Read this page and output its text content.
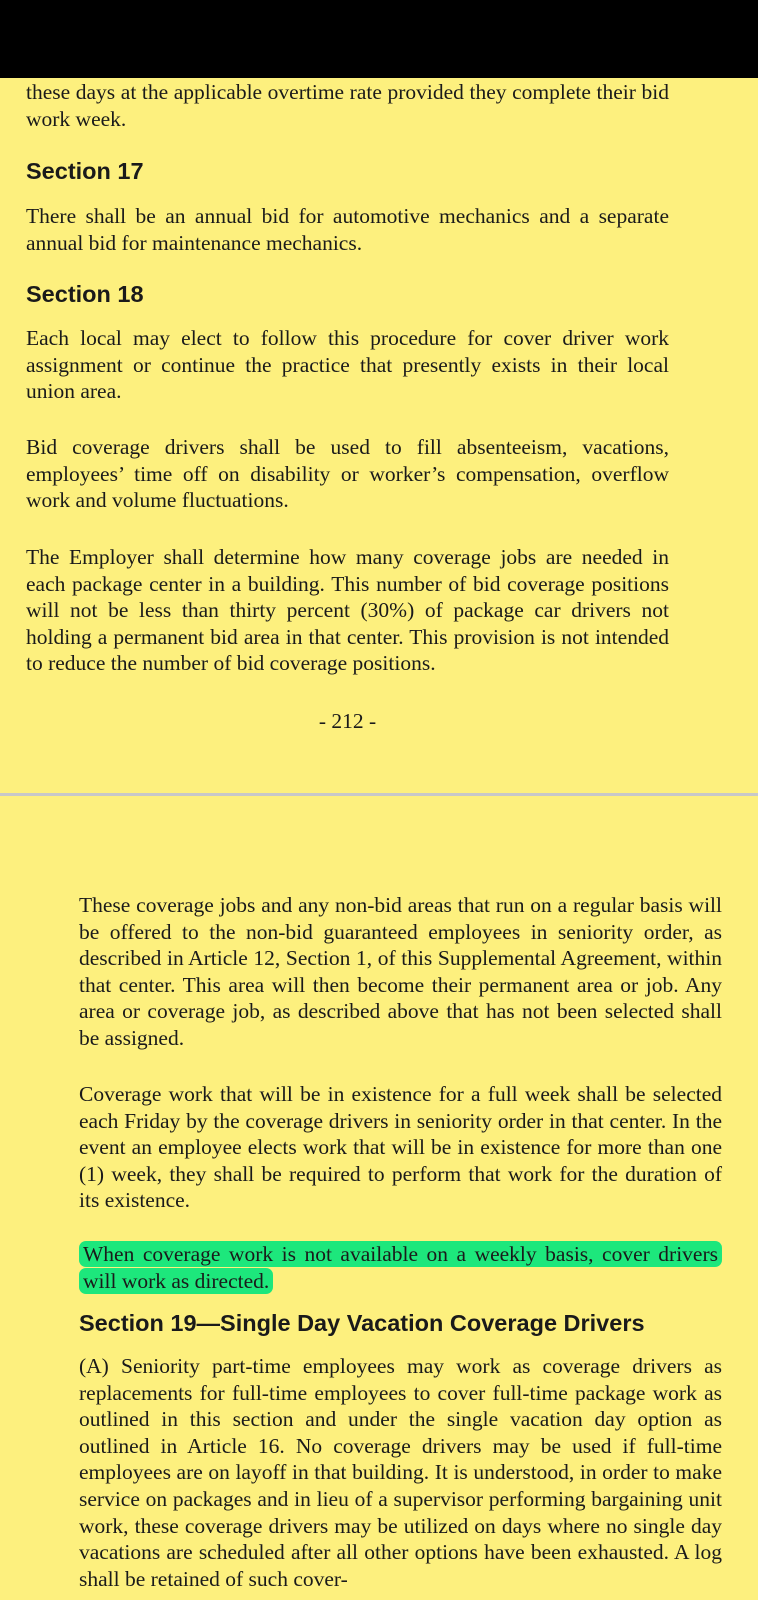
these days at the applicable overtime rate provided they complete their bid work week.

Section 17

There shall be an annual bid for automotive mechanics and a separate annual bid for maintenance mechanics.

Section 18

Each local may elect to follow this procedure for cover driver work assignment or continue the practice that presently exists in their local union area.

Bid coverage drivers shall be used to fill absenteeism, vacations, employees’ time off on disability or worker’s compensation, overflow work and volume fluctuations.

The Employer shall determine how many coverage jobs are needed in each package center in a building. This number of bid coverage positions will not be less than thirty percent (30%) of package car drivers not holding a permanent bid area in that center. This provision is not intended to reduce the number of bid coverage positions.

- 212 -

These coverage jobs and any non-bid areas that run on a regular basis will be offered to the non-bid guaranteed employees in seniority order, as described in Article 12, Section 1, of this Supplemental Agreement, within that center. This area will then become their permanent area or job. Any area or coverage job, as described above that has not been selected shall be assigned.

Coverage work that will be in existence for a full week shall be selected each Friday by the coverage drivers in seniority order in that center. In the event an employee elects work that will be in existence for more than one (1) week, they shall be required to perform that work for the duration of its existence.

When coverage work is not available on a weekly basis, cover drivers will work as directed.

Section 19—Single Day Vacation Coverage Drivers

(A) Seniority part-time employees may work as coverage drivers as replacements for full-time employees to cover full-time package work as outlined in this section and under the single vacation day option as outlined in Article 16. No coverage drivers may be used if full-time employees are on layoff in that building. It is understood, in order to make service on packages and in lieu of a supervisor performing bargaining unit work, these coverage drivers may be utilized on days where no single day vacations are scheduled after all other options have been exhausted. A log shall be retained of such cover-
